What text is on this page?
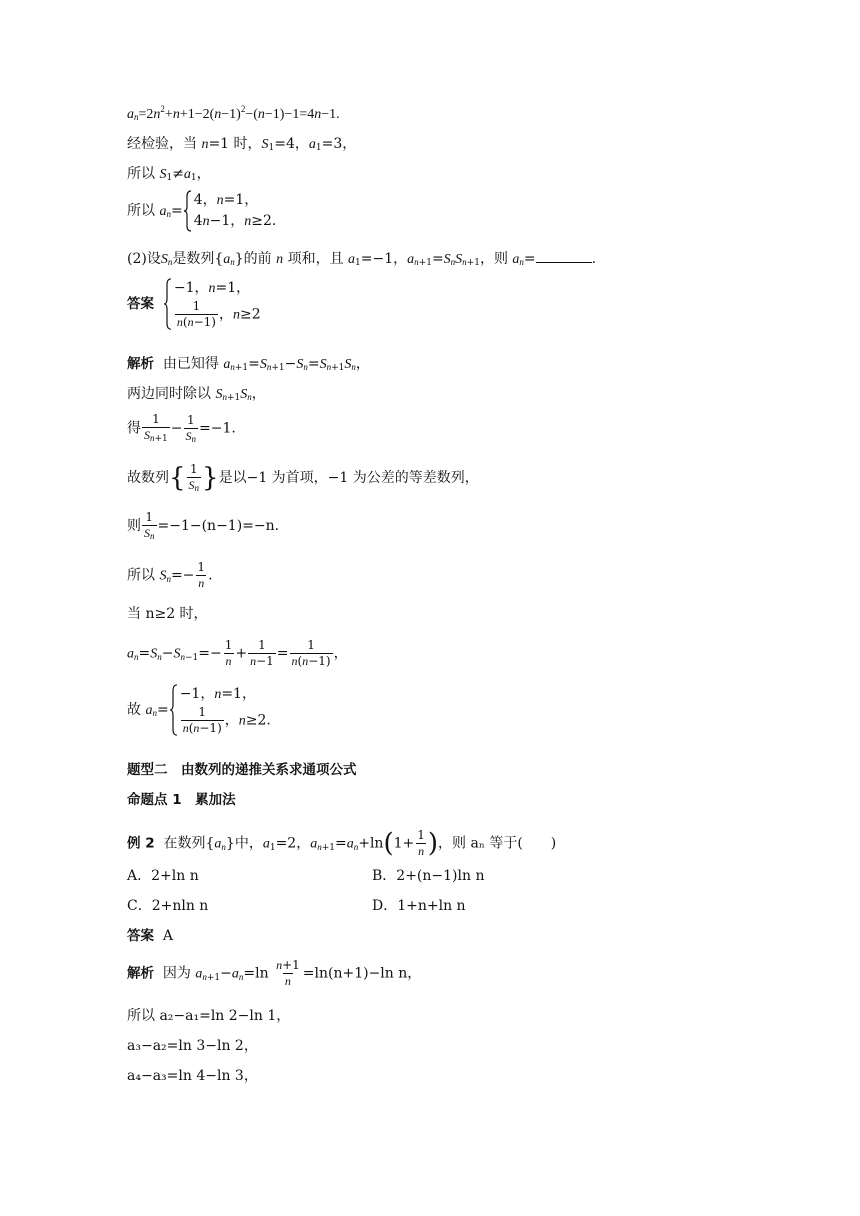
$a_n=2n^2+n+1-2(n-1)^2-(n-1)-1=4n-1$.
经检验，当 n=1 时，$S_1=4$，$a_1=3$，
所以 $S_1\ne a_1$，
所以 $a_n=$
4，n=1，
4n−1，n≥2.
(2)设$S_n$是数列$\{a_n\}$的前 n 项和，且 $a_1=-1$，$a_{n+1}=S_nS_{n+1}$，则 $a_n=$	.
答案
−1，n=1，
$\frac{1}{n(n-1)}$ ，n≥2
解析 由已知得 $a_{n+1}=S_{n+1}-S_n=S_{n+1}S_n$，
两边同时除以 $S_{n+1}S_n$，
得 $\frac{1}{S_{n+1}} - \frac{1}{S_n} =-1$.
故数列{ $\frac{1}{S_n}$ }是以−1 为首项，−1 为公差的等差数列，
则 $\frac{1}{S_n} =-1-(n-1)=-n$.
所以 $S_n=- \frac{1}{n}$ .
当 n≥2 时，
$a_n=S_n-S_{n-1}=- \frac{1}{n} + \frac{1}{n-1} = \frac{1}{n(n-1)}$ ，
故 $a_n=$
−1，n=1，
$\frac{1}{n(n-1)}$ ，n≥2.
题型二　由数列的递推关系求通项公式
命题点 1　累加法
例 2  在数列$\{a_n\}$中，$a_1=2$，$a_{n+1}=a_n+\ln(1+ \frac{1}{n}$ )，则 aₙ 等于(　　)
A．2+ln n	B．2+(n−1)ln n
C．2+nln n	D．1+n+ln n
答案 A
解析 因为 $a_{n+1}-a_n=\ln \frac{n+1}{n} =\ln(n+1)-\ln$ n，
所以 a₂−a₁=ln 2−ln 1，
a₃−a₂=ln 3−ln 2，
a₄−a₃=ln 4−ln 3，
